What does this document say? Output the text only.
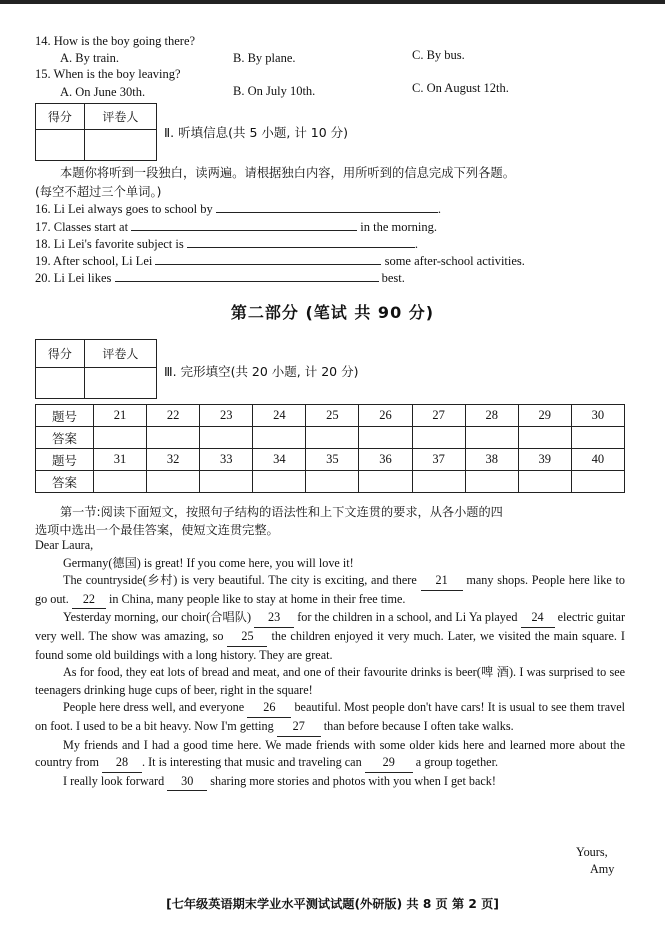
14. How is the boy going there?
A. By train.	B. By plane.	C. By bus.
15. When is the boy leaving?
A. On June 30th.	B. On July 10th.	C. On August 12th.
得分	评卷人

Ⅱ. 听填信息(共 5 小题, 计 10 分)
本题你将听到一段独白，读两遍。请根据独白内容，用所听到的信息完成下列各题。
(每空不超过三个单词。)
16. Li Lei always goes to school by	.
17. Classes start at	in the morning.
18. Li Lei's favorite subject is	.
19. After school, Li Lei	some after-school activities.
20. Li Lei likes	best.
第二部分 (笔试 共 90 分)
得分	评卷人

Ⅲ. 完形填空(共 20 小题, 计 20 分)
题号	21	22	23	24	25	26	27	28	29	30
答案										
题号	31	32	33	34	35	36	37	38	39	40
答案										
第一节:阅读下面短文，按照句子结构的语法性和上下文连贯的要求，从各小题的四
选项中选出一个最佳答案，使短文连贯完整。

Dear Laura,

Germany(德国) is great! If you come here, you will love it!

The countryside(乡村) is very beautiful. The city is exciting, and there 21 many shops. People here like to go out. 22 in China, many people like to stay at home in their free time.

Yesterday morning, our choir(合唱队) 23 for the children in a school, and Li Ya played 24 electric guitar very well. The show was amazing, so 25 the children enjoyed it very much. Later, we visited the main square. I found some old buildings with a long history. They are great.

As for food, they eat lots of bread and meat, and one of their favourite drinks is beer(啤 酒). I was surprised to see teenagers drinking huge cups of beer, right in the square!

People here dress well, and everyone 26 beautiful. Most people don't have cars! It is usual to see them travel on foot. I used to be a bit heavy. Now I'm getting 27 than before because I often take walks.

My friends and I had a good time here. We made friends with some older kids here and learned more about the country from 28 . It is interesting that music and traveling can 29 a group together.

I really look forward 30 sharing more stories and photos with you when I get back!

Yours,
Amy
[七年级英语期末学业水平测试试题(外研版) 共 8 页 第 2 页]
